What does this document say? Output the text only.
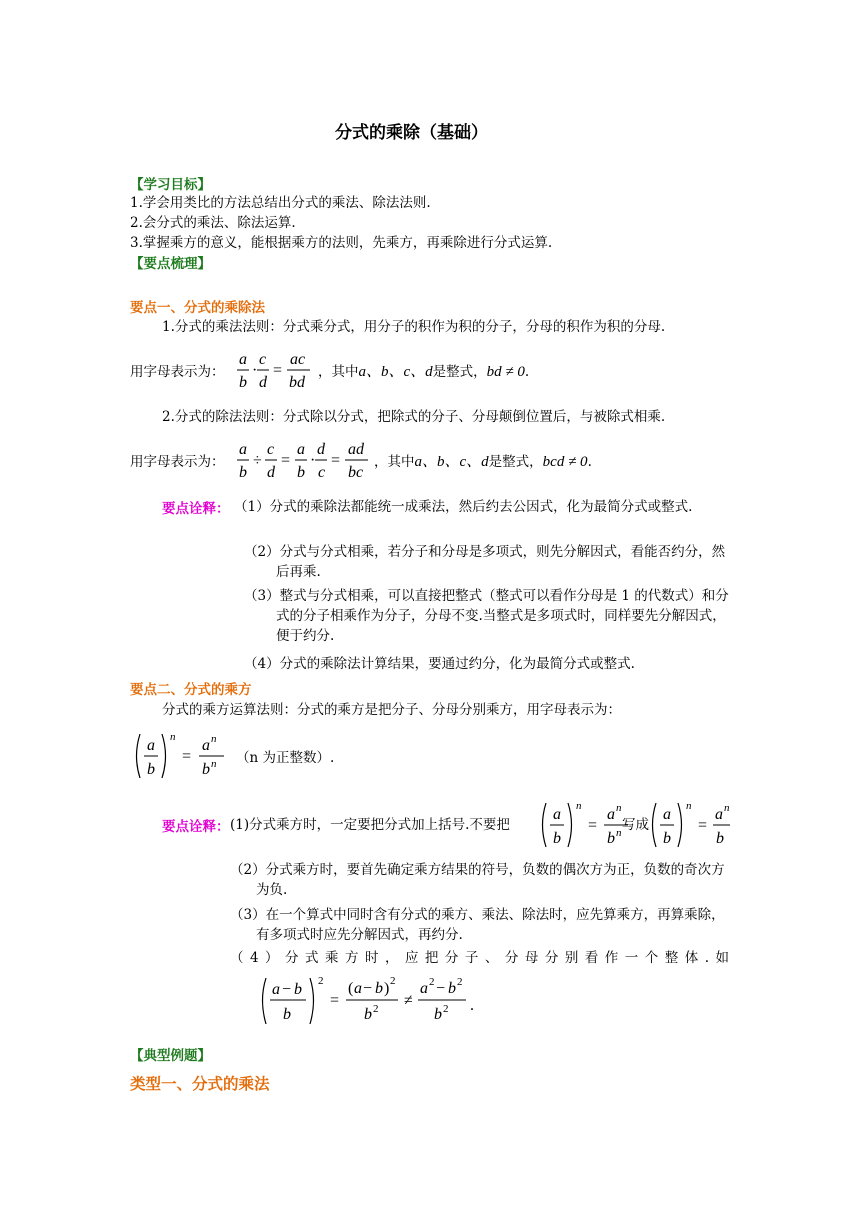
分式的乘除（基础）
【学习目标】
1.学会用类比的方法总结出分式的乘法、除法法则.
2.会分式的乘法、除法运算.
3.掌握乘方的意义，能根据乘方的法则，先乘方，再乘除进行分式运算.
【要点梳理】
要点一、分式的乘除法
1.分式的乘法法则：分式乘分式，用分子的积作为积的分子，分母的积作为积的分母.
用字母表示为：
a
b
·
c
d
=
ac
bd
，其中a、b、c、d是整式，bd ≠ 0.
2.分式的除法法则：分式除以分式，把除式的分子、分母颠倒位置后，与被除式相乘.
用字母表示为：
a
b
÷
c
d
=
a
b
·
d
c
=
ad
bc
，其中a、b、c、d是整式，bcd ≠ 0.
要点诠释： （1）分式的乘除法都能统一成乘法，然后约去公因式，化为最简分式或整式.
（2）分式与分式相乘，若分子和分母是多项式，则先分解因式，看能否约分，然后再乘.
（3）整式与分式相乘，可以直接把整式（整式可以看作分母是 1 的代数式）和分式的分子相乘作为分子，分母不变.当整式是多项式时，同样要先分解因式，便于约分.
（4）分式的乘除法计算结果，要通过约分，化为最简分式或整式.
要点二、分式的乘方
分式的乘方运算法则：分式的乘方是把分子、分母分别乘方，用字母表示为：
a
b
n
=
a n
b n （n 为正整数）.
要点诠释： (1)分式乘方时，一定要把分式加上括号.不要把
a
b
n
=
a n
b n 写成
a
b
n
=
a n
b
（2）分式乘方时，要首先确定乘方结果的符号，负数的偶次方为正，负数的奇次方为负.
（3）在一个算式中同时含有分式的乘方、乘法、除法时，应先算乘方，再算乘除，有多项式时应先分解因式，再约分.
（4）分式乘方时，应把分子、分母分别看作一个整体.如
a − b
b
2
=
( a − b ) 2
b 2 ≠
a 2 − b 2
b 2 .
【典型例题】
类型一、分式的乘法
